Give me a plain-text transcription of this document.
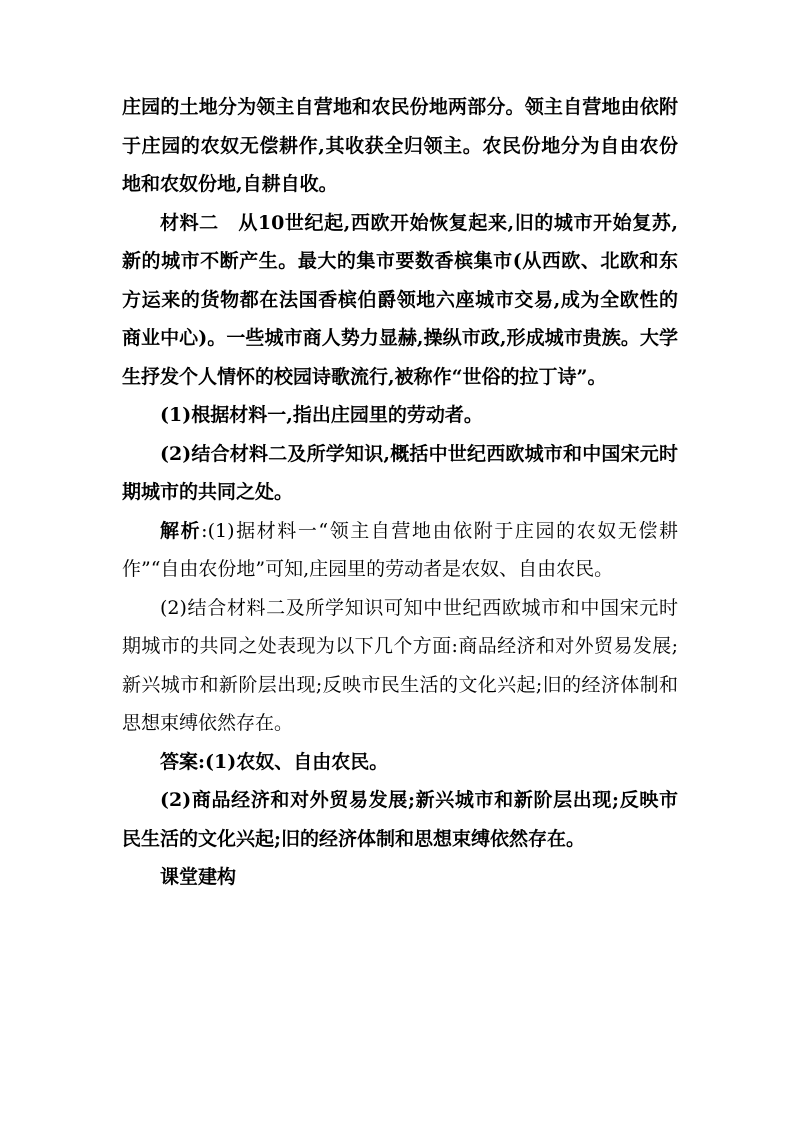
庄园的土地分为领主自营地和农民份地两部分。领主自营地由依附于庄园的农奴无偿耕作,其收获全归领主。农民份地分为自由农份地和农奴份地,自耕自收。

材料二　从10世纪起,西欧开始恢复起来,旧的城市开始复苏,新的城市不断产生。最大的集市要数香槟集市(从西欧、北欧和东方运来的货物都在法国香槟伯爵领地六座城市交易,成为全欧性的商业中心)。一些城市商人势力显赫,操纵市政,形成城市贵族。大学生抒发个人情怀的校园诗歌流行,被称作“世俗的拉丁诗”。

(1)根据材料一,指出庄园里的劳动者。

(2)结合材料二及所学知识,概括中世纪西欧城市和中国宋元时期城市的共同之处。

解析:(1)据材料一“领主自营地由依附于庄园的农奴无偿耕作”“自由农份地”可知,庄园里的劳动者是农奴、自由农民。

(2)结合材料二及所学知识可知中世纪西欧城市和中国宋元时期城市的共同之处表现为以下几个方面:商品经济和对外贸易发展;新兴城市和新阶层出现;反映市民生活的文化兴起;旧的经济体制和思想束缚依然存在。

答案:(1)农奴、自由农民。

(2)商品经济和对外贸易发展;新兴城市和新阶层出现;反映市民生活的文化兴起;旧的经济体制和思想束缚依然存在。

课堂建构
